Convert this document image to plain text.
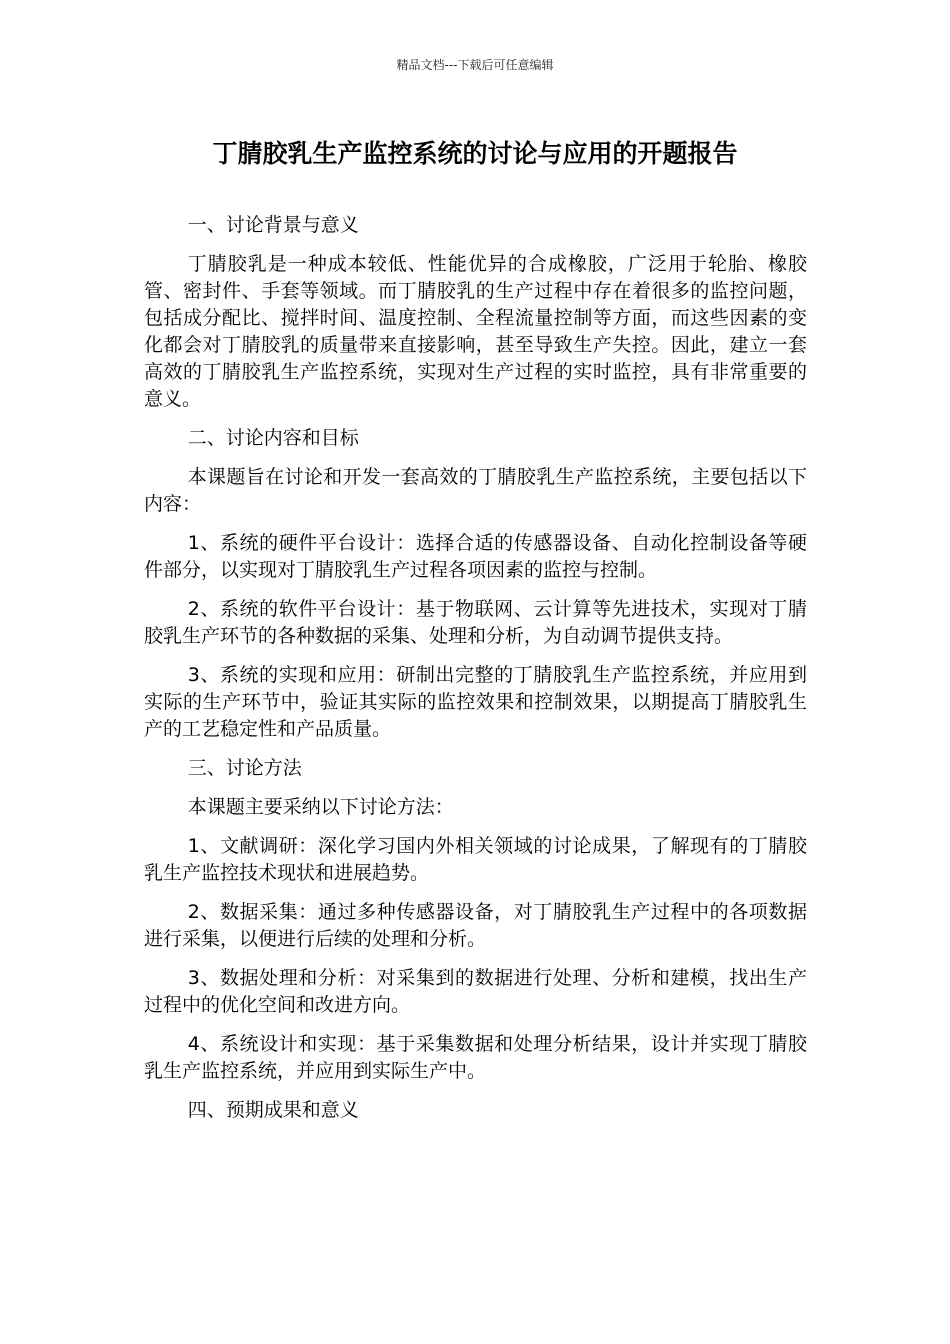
精品文档---下载后可任意编辑
丁腈胶乳生产监控系统的讨论与应用的开题报告

一、讨论背景与意义

丁腈胶乳是一种成本较低、性能优异的合成橡胶，广泛用于轮胎、橡胶管、密封件、手套等领域。而丁腈胶乳的生产过程中存在着很多的监控问题，包括成分配比、搅拌时间、温度控制、全程流量控制等方面，而这些因素的变化都会对丁腈胶乳的质量带来直接影响，甚至导致生产失控。因此，建立一套高效的丁腈胶乳生产监控系统，实现对生产过程的实时监控，具有非常重要的意义。

二、讨论内容和目标

本课题旨在讨论和开发一套高效的丁腈胶乳生产监控系统，主要包括以下内容：

1、系统的硬件平台设计：选择合适的传感器设备、自动化控制设备等硬件部分，以实现对丁腈胶乳生产过程各项因素的监控与控制。

2、系统的软件平台设计：基于物联网、云计算等先进技术，实现对丁腈胶乳生产环节的各种数据的采集、处理和分析，为自动调节提供支持。

3、系统的实现和应用：研制出完整的丁腈胶乳生产监控系统，并应用到实际的生产环节中，验证其实际的监控效果和控制效果，以期提高丁腈胶乳生产的工艺稳定性和产品质量。

三、讨论方法

本课题主要采纳以下讨论方法：

1、文献调研：深化学习国内外相关领域的讨论成果，了解现有的丁腈胶乳生产监控技术现状和进展趋势。

2、数据采集：通过多种传感器设备，对丁腈胶乳生产过程中的各项数据进行采集，以便进行后续的处理和分析。

3、数据处理和分析：对采集到的数据进行处理、分析和建模，找出生产过程中的优化空间和改进方向。

4、系统设计和实现：基于采集数据和处理分析结果，设计并实现丁腈胶乳生产监控系统，并应用到实际生产中。

四、预期成果和意义
